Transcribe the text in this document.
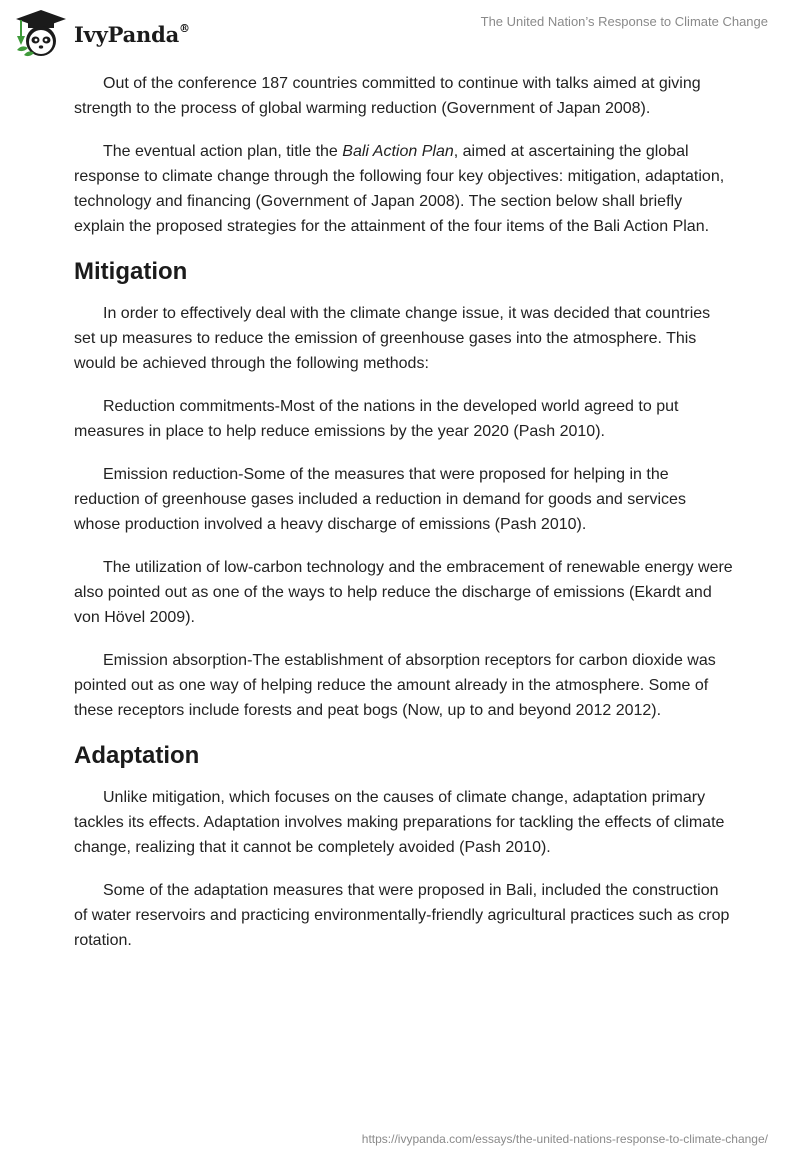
IvyPanda®	The United Nation’s Response to Climate Change

Out of the conference 187 countries committed to continue with talks aimed at giving strength to the process of global warming reduction (Government of Japan 2008).

The eventual action plan, title the Bali Action Plan, aimed at ascertaining the global response to climate change through the following four key objectives: mitigation, adaptation, technology and financing (Government of Japan 2008). The section below shall briefly explain the proposed strategies for the attainment of the four items of the Bali Action Plan.

Mitigation

In order to effectively deal with the climate change issue, it was decided that countries set up measures to reduce the emission of greenhouse gases into the atmosphere. This would be achieved through the following methods:

Reduction commitments-Most of the nations in the developed world agreed to put measures in place to help reduce emissions by the year 2020 (Pash 2010).

Emission reduction-Some of the measures that were proposed for helping in the reduction of greenhouse gases included a reduction in demand for goods and services whose production involved a heavy discharge of emissions (Pash 2010).

The utilization of low-carbon technology and the embracement of renewable energy were also pointed out as one of the ways to help reduce the discharge of emissions (Ekardt and von Hövel 2009).

Emission absorption-The establishment of absorption receptors for carbon dioxide was pointed out as one way of helping reduce the amount already in the atmosphere. Some of these receptors include forests and peat bogs (Now, up to and beyond 2012 2012).

Adaptation

Unlike mitigation, which focuses on the causes of climate change, adaptation primary tackles its effects. Adaptation involves making preparations for tackling the effects of climate change, realizing that it cannot be completely avoided (Pash 2010).

Some of the adaptation measures that were proposed in Bali, included the construction of water reservoirs and practicing environmentally-friendly agricultural practices such as crop rotation.

https://ivypanda.com/essays/the-united-nations-response-to-climate-change/
